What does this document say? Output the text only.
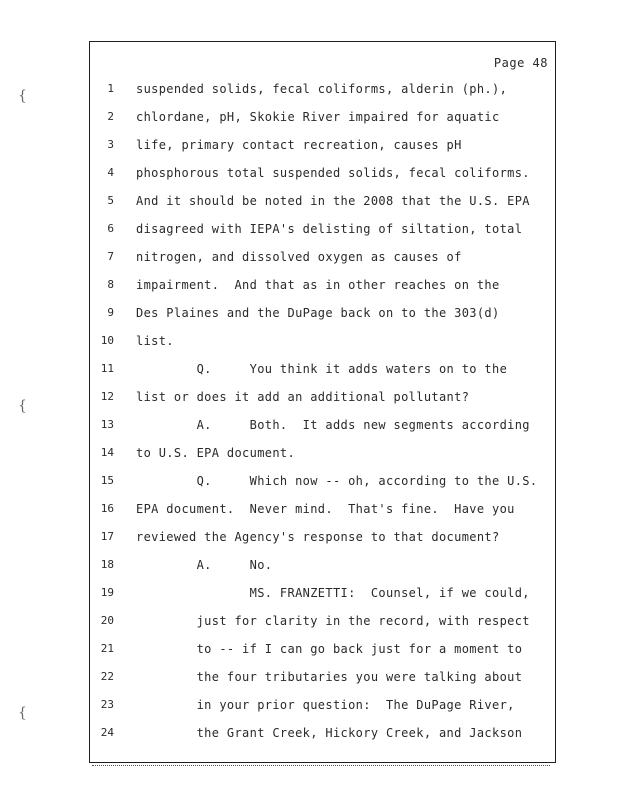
Page 48
1 suspended solids, fecal coliforms, alderin (ph.),
2 chlordane, pH, Skokie River impaired for aquatic
3 life, primary contact recreation, causes pH
4 phosphorous total suspended solids, fecal coliforms.
5 And it should be noted in the 2008 that the U.S. EPA
6 disagreed with IEPA's delisting of siltation, total
7 nitrogen, and dissolved oxygen as causes of
8 impairment.  And that as in other reaches on the
9 Des Plaines and the DuPage back on to the 303(d)
10 list.
11 Q.     You think it adds waters on to the
12 list or does it add an additional pollutant?
13 A.     Both.  It adds new segments according
14 to U.S. EPA document.
15 Q.     Which now -- oh, according to the U.S.
16 EPA document.  Never mind.  That's fine.  Have you
17 reviewed the Agency's response to that document?
18 A.     No.
19 MS. FRANZETTI:  Counsel, if we could,
20 just for clarity in the record, with respect
21 to -- if I can go back just for a moment to
22 the four tributaries you were talking about
23 in your prior question:  The DuPage River,
24 the Grant Creek, Hickory Creek, and Jackson
{
{
{
